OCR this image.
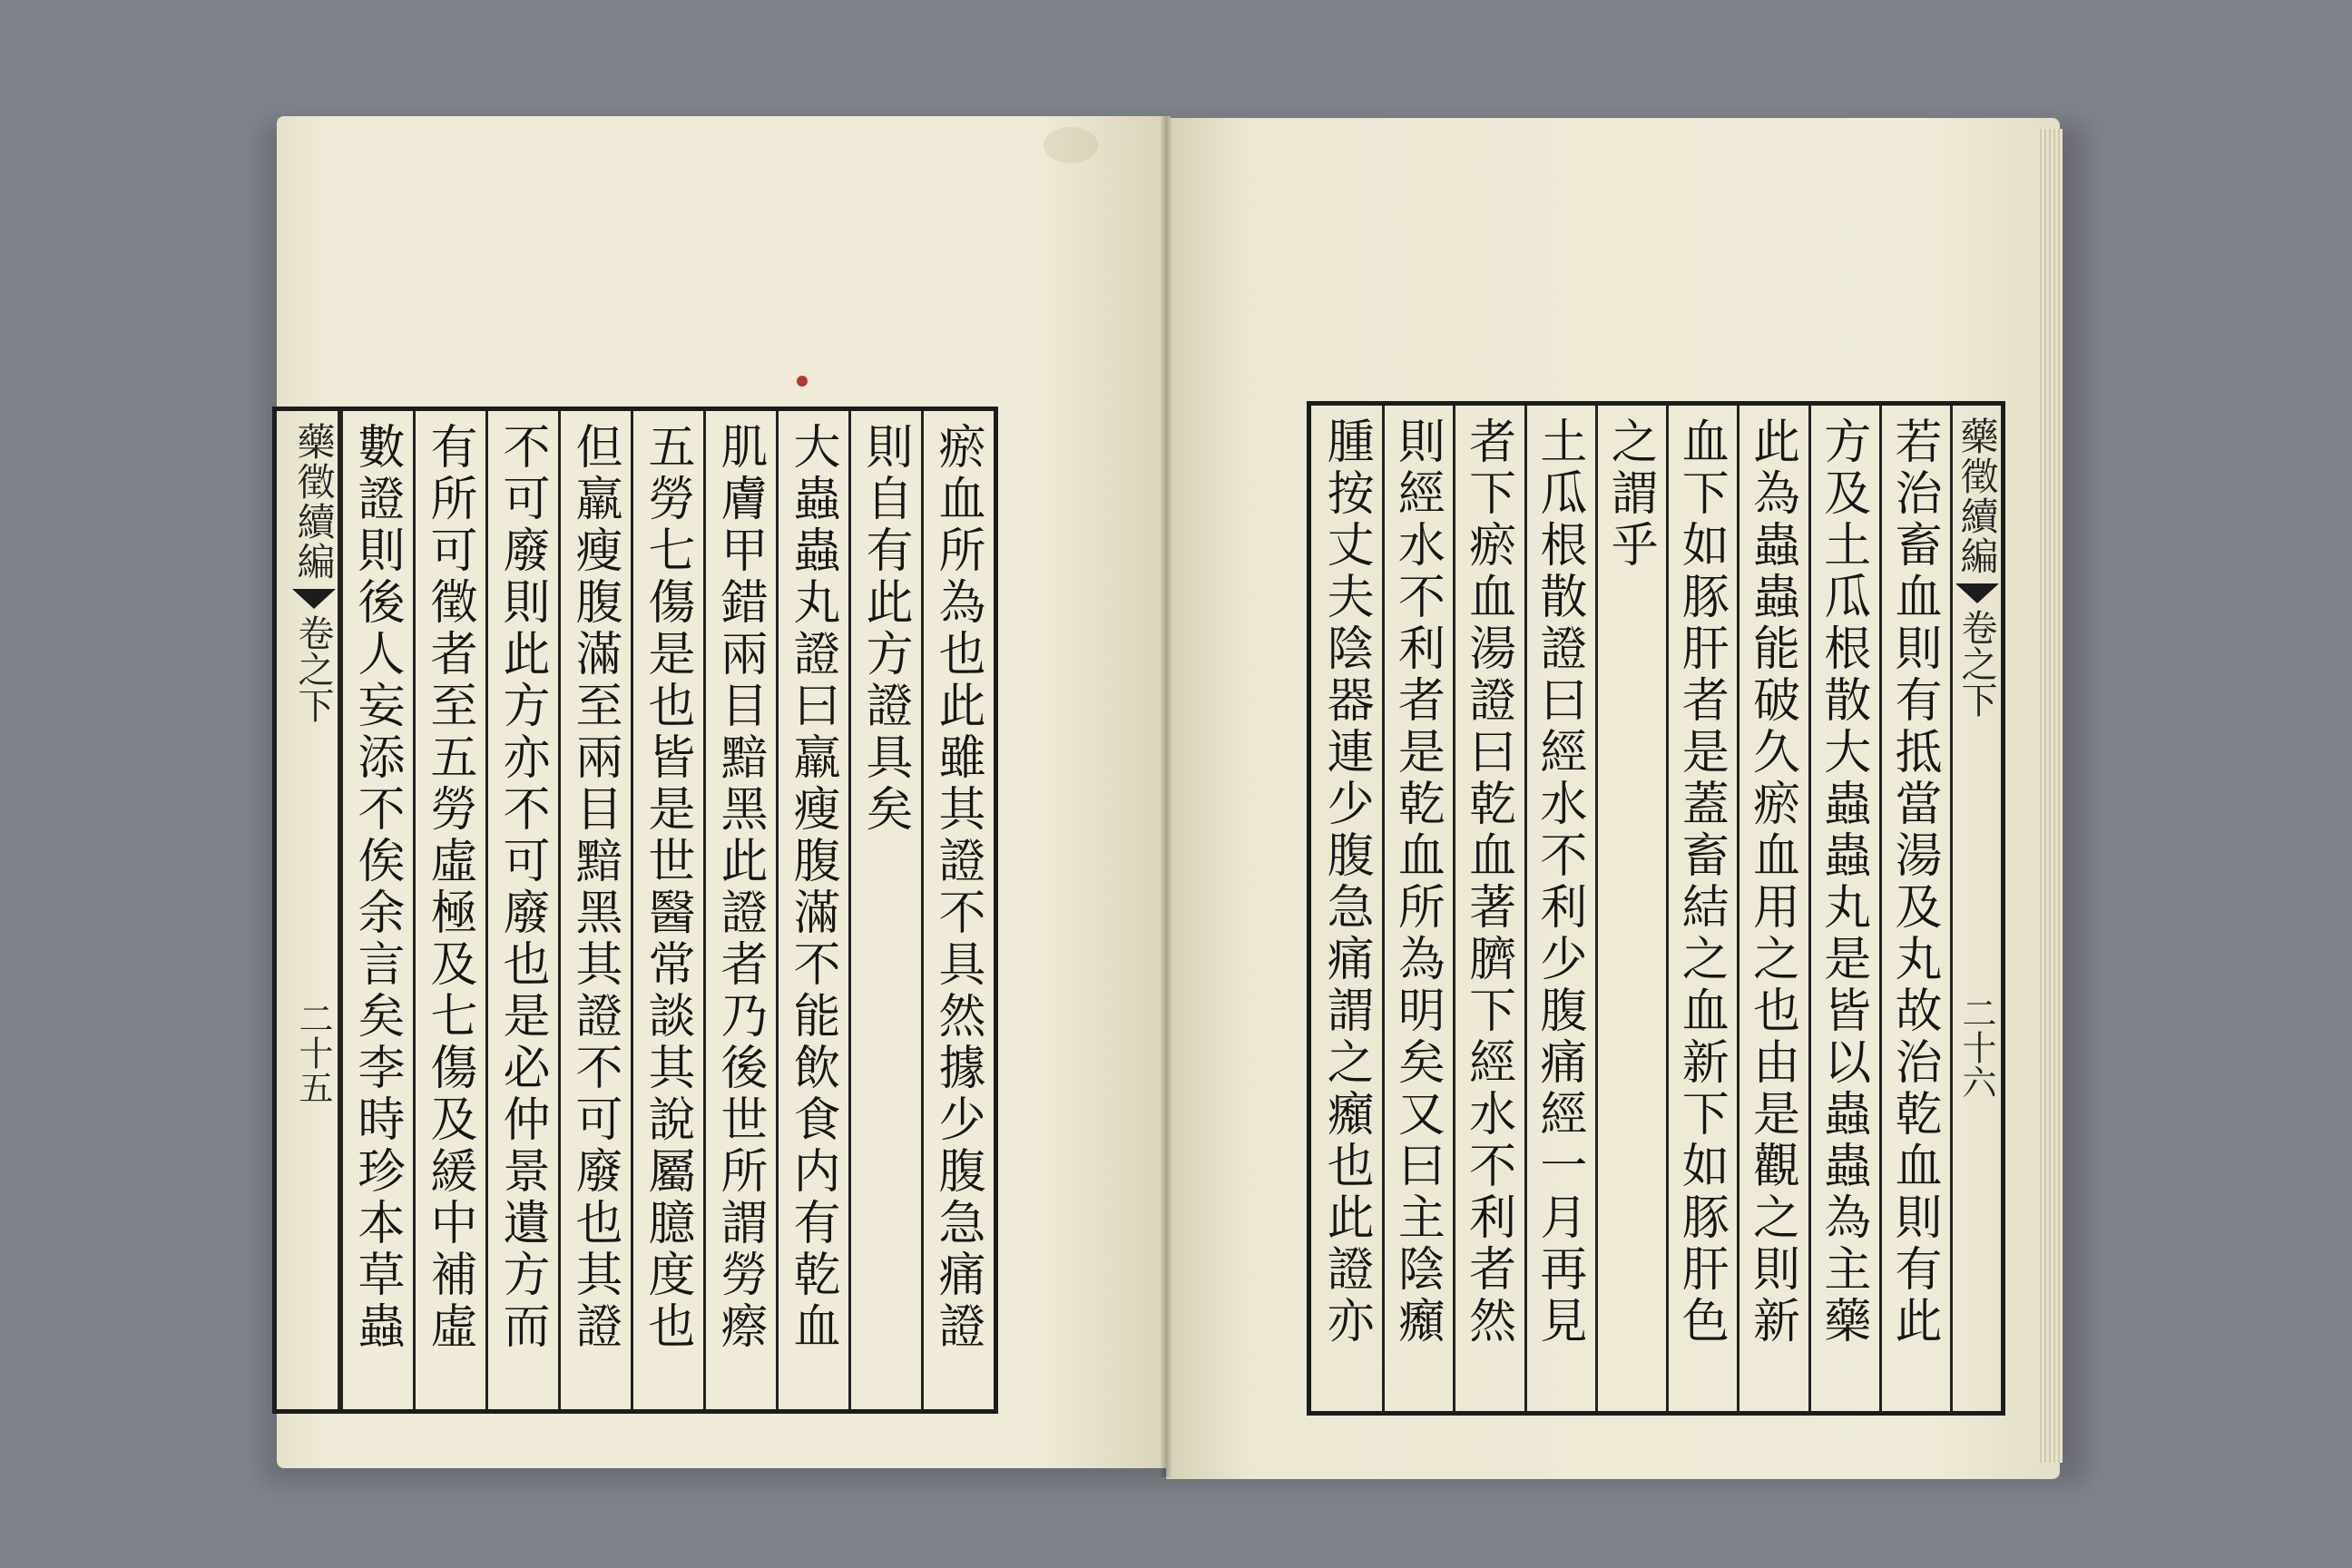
瘀血所為也此雖其證不具然據少腹急痛證
則自有此方證具矣
大蟲蟲丸證曰羸瘦腹滿不能飲食内有乾血
肌膚甲錯兩目黯黑此證者乃後世所謂勞瘵
五勞七傷是也皆是世醫常談其說屬臆度也
但羸瘦腹滿至兩目黯黑其證不可廢也其證
不可廢則此方亦不可廢也是必仲景遺方而
有所可徵者至五勞虛極及七傷及緩中補虛
數證則後人妄添不俟余言矣李時珍本草蟲
藥徵續編
卷之下
二十五
藥徵續編
卷之下
二十六
若治畜血則有抵當湯及丸故治乾血則有此
方及土瓜根散大蟲蟲丸是皆以蟲蟲為主藥
此為蟲蟲能破久瘀血用之也由是觀之則新
血下如豚肝者是蓋畜結之血新下如豚肝色
之謂乎
土瓜根散證曰經水不利少腹痛經一月再見
者下瘀血湯證曰乾血著臍下經水不利者然
則經水不利者是乾血所為明矣又曰主陰㿗
腫按丈夫陰器連少腹急痛謂之㿗也此證亦
